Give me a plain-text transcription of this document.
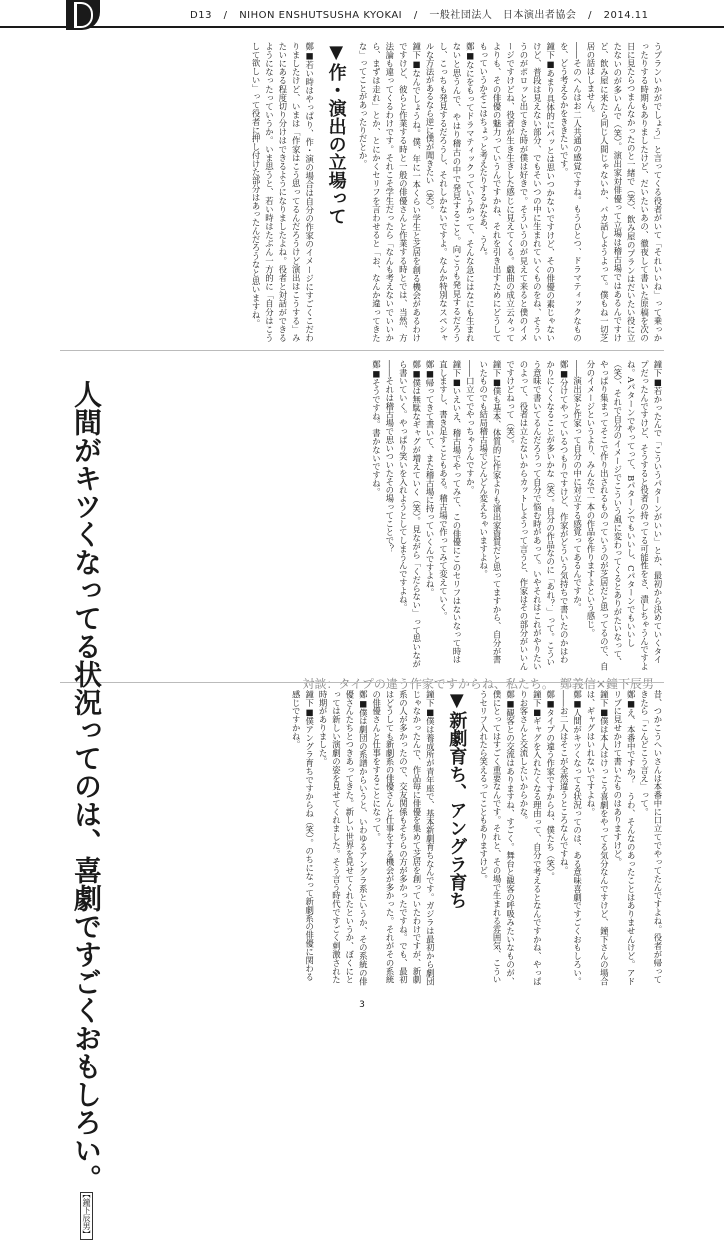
D13 / NIHON ENSHUTSUSHA KYOKAI / 一般社団法人　日本演出者協会 / 2014.11

うプランいかがでしょう」と言ってくる役者がいて「それいいね」って乗っかったりする時期もありましたけど、だいたいあの、徹夜して書いた原稿を次の日に見たらつまんなかったのと一緒で（笑）、飲み屋のプランはだいたい役に立たないのが多いんで（笑）。演出家対俳優って立場は稽古場ではあるんですけど、飲み屋に来たら同じ人間じゃないか、バカ話しようよって。僕もね一切芝居の話はしません。

――そのへんはお二人共通の感覚ですね。もうひとつ、ドラマティックなものを、どう考えるかをききたいです。

鐘下■あまり具体的にパッとは思いつかないですけど、その俳優の素じゃないけど、普段は見えない部分、でもそいつの中に生まれていくものをね、そういうのがポロッと出てきた時が僕は好きで。そういうのが見えて来ると僕のイメージですけどね、役者が生き生きした感じに見えてくる。戯曲の成立云々ってよりも、その俳優の魅力っていうんですかね、それを引き出すためにどうしてもっていうかそこはちょっと考えたりするかなあ、うん。

鄭■なにをもってドラマティックっていうかって、そんな急にはなにも生まれないと思うんで、やはり稽古の中で発見すること。向こうも発見するだろうし、こっちも発見するだろうし、それしかないですよ。なんか特別なスペシャルな方法があるなら逆に僕が聞きたい（笑）。

鐘下■なんでしょうね。僕、年に一本くらい学生と芝居を創る機会があるわけですけど、彼らと作業する時と一般の俳優さんと作業する時とでは、当然、方法論も違ってくるわけです。それこそ学生だったら「なんも考えないでいいから、まずは走れ」とか、とにかくセリフを言わせると「お、なんか違ってきたな」ってことがあったりだとか。

▼作・演出の立場って

鄭■若い時はやっぱり、作・演の場合は自分の作家のイメージにすごくこだわりましたけど、いまは「作家はこう思ってるんだろうけど演出はこうする」みたいにある程度切り分けはできるようになりましたよね。役者と対話ができるようになったっていうか。いま思うと、若い時はたぶん一方的に「自分はこうして欲しい」って役者に押し付けた部分はあったんだろうなと思いますね。

鐘下■若かったんで「こういうパターンがいい」とか、最初から決めていくタイプだったんですけど、そうすると役者の持ってる可能性をさ、潰しちゃうんですよね。Aパターンでやってって、Bパターンでもいいし、Cパターンでもいいし（笑）、それで自分のイメージでこういう風に変わってくるとありがたいなって、やっぱり集まってそこで作り出されるものっていうのが芝居だと思ってるので、自分のイメージというより、みんなで一本の作品を作りますよという感じ。

――演出家と作家って自分の中に対立する感覚ってあるんですか。

鄭■分けてやっているつもりですけど、作家がどういう気持ちで書いたのかはわかりにくくなることが多いかな（笑）。自分の作品なのに「あれ？」って。こういう意味で書いてるんだろうって自分で悩む時があって。いやそれはこれがやりたいのよって、役者は立たないからカットしようって言うと、作家はその部分がいいんですけどねって（笑）。

鐘下■僕も基本、体質的に作家よりも演出家資質だと思ってますから、自分が書いたものでも結局稽古場でどんどん変えちゃいますよね。

――口立てでやっちゃうんですか。

鐘下■いえいえ、稽古場でやってみて、この俳優にこのセリフはないなって時は直しますし、書き足すこともある。稽古場で作ってみて変えていく。

鄭■帰ってきて書いて、また稽古場に持っていくんですよね。

鄭■僕は無駄なギャグが増えていく（笑）。見ながら「くだらない」って思いながら書いていく。やっぱり笑いを入れようとしてしまうんですよね。

――それは稽古場で思いついたその場ってことで？

鄭■そうですね。書かないですね。

対談：タイプの違う作家ですからね、私たち。　鄭義信×鐘下辰男

昔、つかこうへいさんは本番中に口立てでやってたんですよね。役者が帰ってきたら「こんどこう言え」って。

鄭■え、本番中ですか？　うわ、そんなのあったことはありませんけど。アドリブに見せかけて書いたものはありますけど。

鐘下■僕は本人はけっこう喜劇をやってる気分なんですけど、鐘下さんの場合は、ギャグはいれないですよね。

鄭■人間がキツくなってる状況ってのは、ある意味喜劇ですごくおもしろい。

――お二人はそこが全然違うところなんですね。

鄭■タイプの違う作家ですからね、僕たち（笑）。

鐘下■ギャグを入れたくなる理由って、自分で考えるとなんですかね、やっぱりお客さんと交流したいからかな。

鄭■観客との交流はありますね、すごく。舞台と観客の呼吸みたいなものが、僕にとってはすごく重要なんです。それと、その場で生まれる雰囲気、こういうセリフ入れたら笑えるってこともありますけど。

▼新劇育ち、アングラ育ち

鐘下■僕は養成所が青年座で、基本新劇育ちなんです。ガジラは最初から劇団じゃなかったんで、作品毎に俳優を集めて芝居を創っていたわけですが、新劇系の人が多かったので、交友関係もそちらの方が多かったですね。でも、最初はどうしても新劇系の俳優さんと仕事をする機会が多かった。それがその系統の俳優さんと仕事をすることになって。

鄭■僕は劇団の系譜からいうと、いわゆるアングラ系というか、その系統の俳優さんたちとつきあってきた。新しい世界を見せてくれたというか、ぼくにとっては新しい演劇の姿を見せてくれました。そう言う時代ですごく刺激された時期がありました。

鐘下■僕アングラ育ちですからね（笑）。のちになって新劇系の俳優に関わる感じですかね。

人間がキツくなってる状況ってのは、喜劇ですごくおもしろい。【鐘下辰男】
3
